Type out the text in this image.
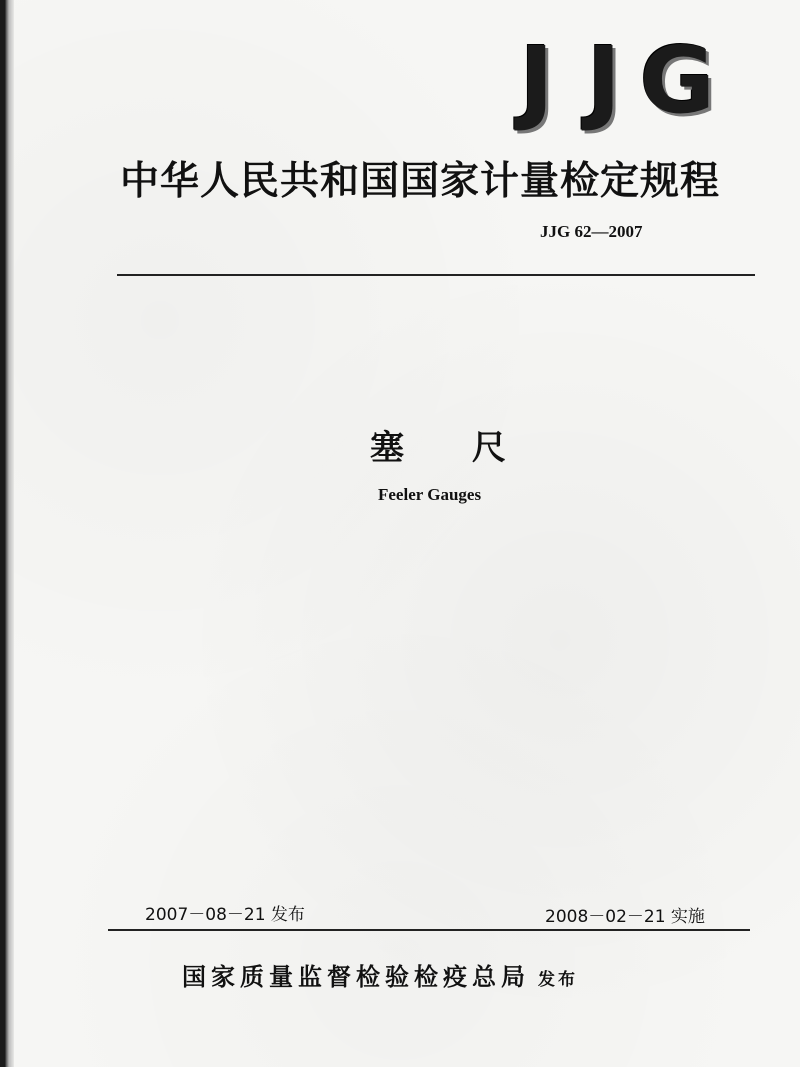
J J G
中华人民共和国国家计量检定规程
JJG 62—2007
塞 尺
Feeler Gauges
2007－08－21 发布	2008－02－21 实施
国家质量监督检验检疫总局 发布
